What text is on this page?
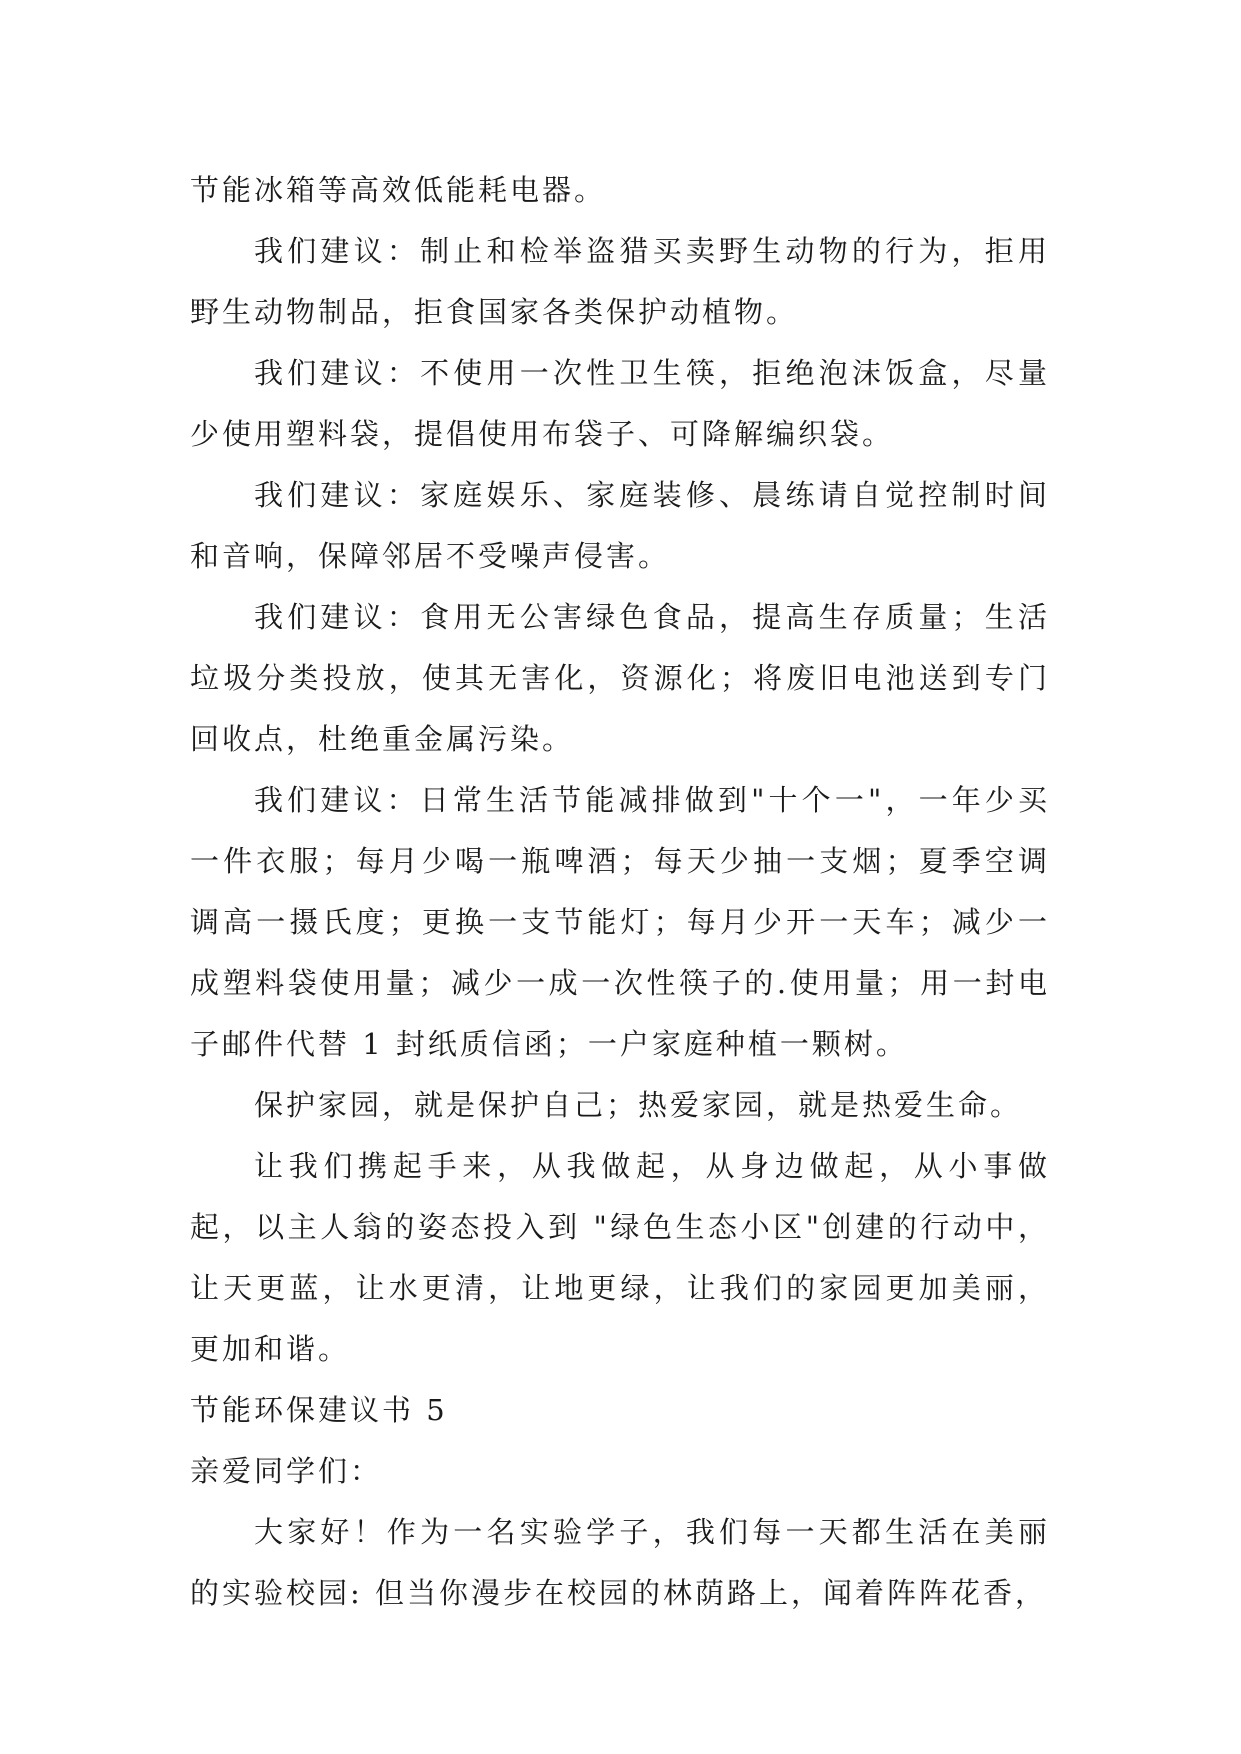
节能冰箱等高效低能耗电器。

我们建议：制止和检举盗猎买卖野生动物的行为，拒用野生动物制品，拒食国家各类保护动植物。

我们建议：不使用一次性卫生筷，拒绝泡沫饭盒，尽量少使用塑料袋，提倡使用布袋子、可降解编织袋。

我们建议：家庭娱乐、家庭装修、晨练请自觉控制时间和音响，保障邻居不受噪声侵害。

我们建议：食用无公害绿色食品，提高生存质量；生活垃圾分类投放，使其无害化，资源化；将废旧电池送到专门回收点，杜绝重金属污染。

我们建议：日常生活节能减排做到"十个一"，一年少买一件衣服；每月少喝一瓶啤酒；每天少抽一支烟；夏季空调调高一摄氏度；更换一支节能灯；每月少开一天车；减少一成塑料袋使用量；减少一成一次性筷子的.使用量；用一封电子邮件代替 1 封纸质信函；一户家庭种植一颗树。

保护家园，就是保护自己；热爱家园，就是热爱生命。

让我们携起手来，从我做起，从身边做起，从小事做起，以主人翁的姿态投入到 "绿色生态小区"创建的行动中，让天更蓝，让水更清，让地更绿，让我们的家园更加美丽，更加和谐。

节能环保建议书 5

亲爱同学们：

大家好！作为一名实验学子，我们每一天都生活在美丽的实验校园: 但当你漫步在校园的林荫路上，闻着阵阵花香，
